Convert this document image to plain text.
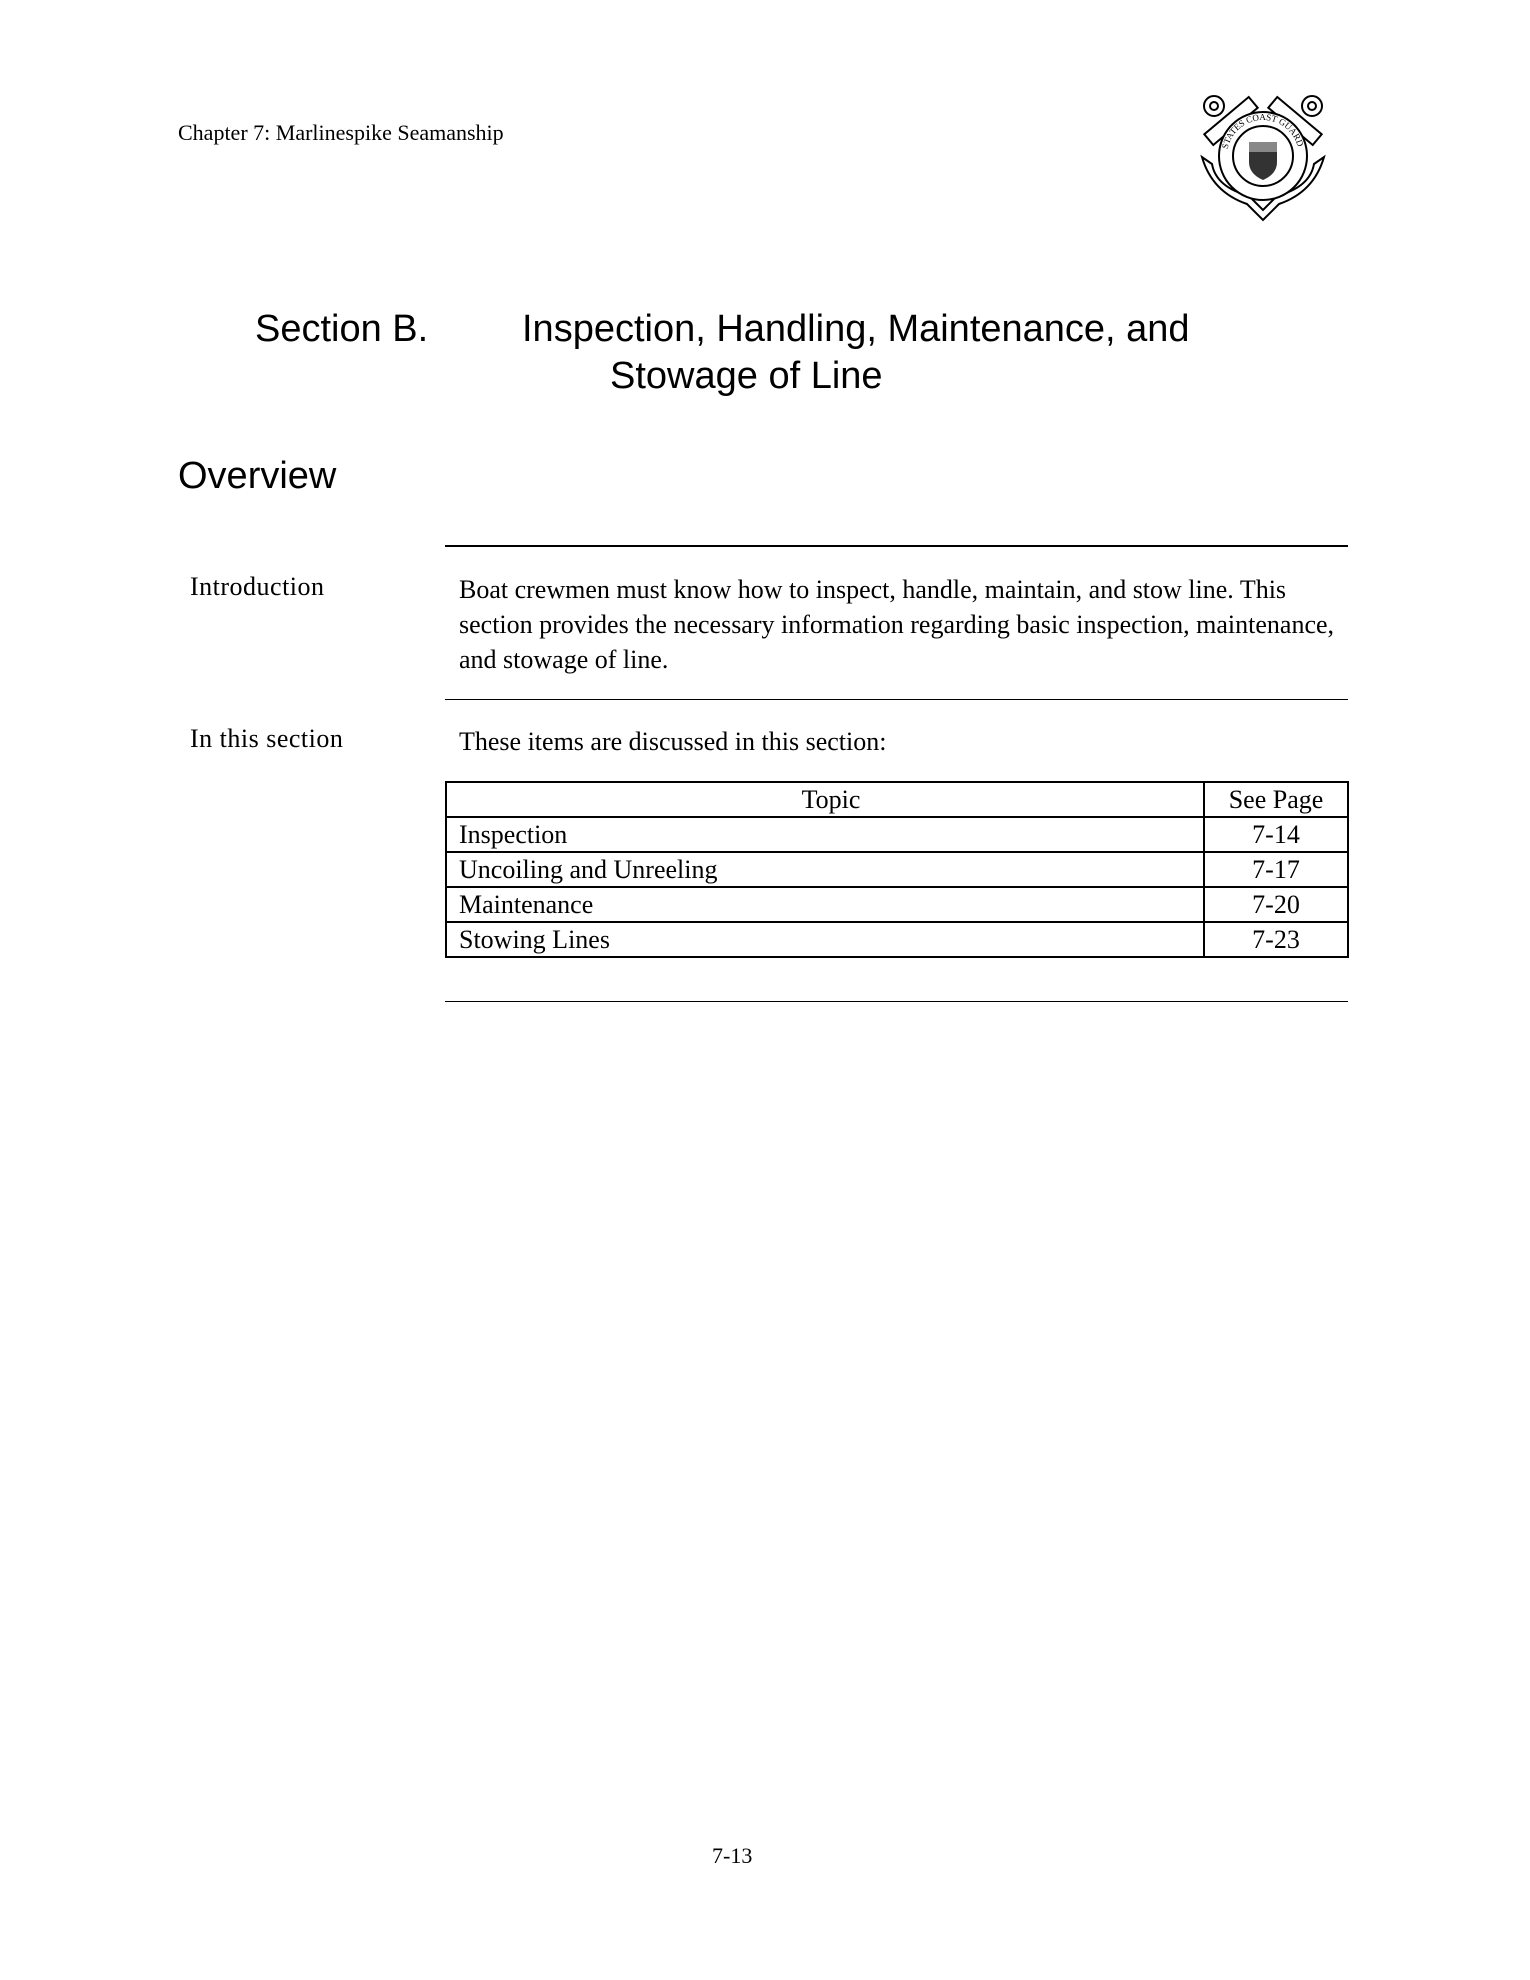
Chapter 7: Marlinespike Seamanship
STATES COAST GUARD
Section B. Inspection, Handling, Maintenance, and
Stowage of Line
Overview
Introduction	Boat crewmen must know how to inspect, handle, maintain, and stow line. This section provides the necessary information regarding basic inspection, maintenance, and stowage of line.
In this section	These items are discussed in this section:
Topic	See Page
Inspection	7-14
Uncoiling and Unreeling	7-17
Maintenance	7-20
Stowing Lines	7-23
7-13
